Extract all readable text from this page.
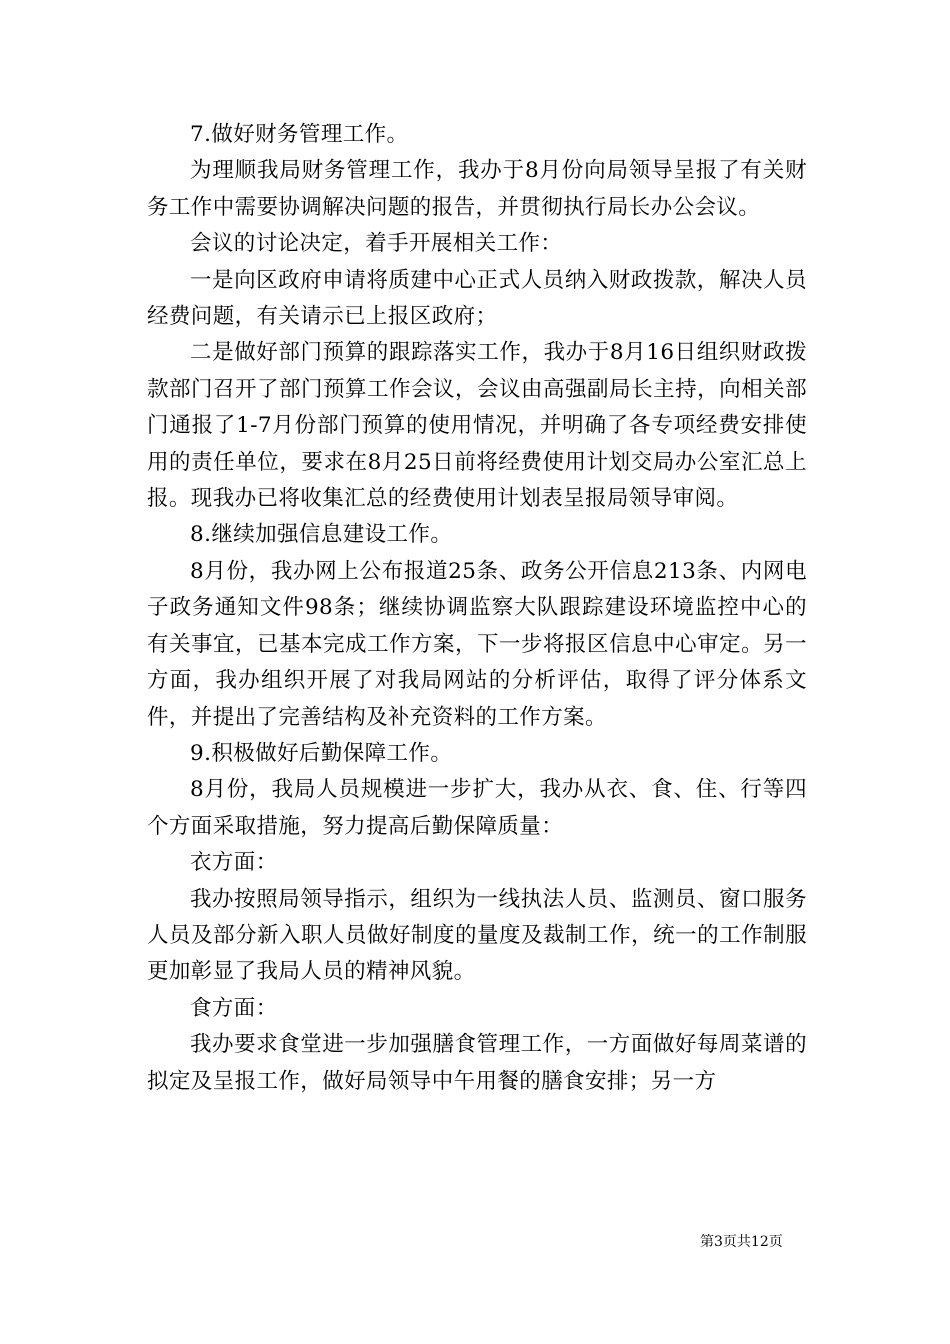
7.做好财务管理工作。

为理顺我局财务管理工作，我办于8月份向局领导呈报了有关财务工作中需要协调解决问题的报告，并贯彻执行局长办公会议。

会议的讨论决定，着手开展相关工作：

一是向区政府申请将质建中心正式人员纳入财政拨款，解决人员经费问题，有关请示已上报区政府；

二是做好部门预算的跟踪落实工作，我办于8月16日组织财政拨款部门召开了部门预算工作会议，会议由高强副局长主持，向相关部门通报了1-7月份部门预算的使用情况，并明确了各专项经费安排使用的责任单位，要求在8月25日前将经费使用计划交局办公室汇总上报。现我办已将收集汇总的经费使用计划表呈报局领导审阅。

8.继续加强信息建设工作。

8月份，我办网上公布报道25条、政务公开信息213条、内网电子政务通知文件98条；继续协调监察大队跟踪建设环境监控中心的有关事宜，已基本完成工作方案，下一步将报区信息中心审定。另一方面，我办组织开展了对我局网站的分析评估，取得了评分体系文件，并提出了完善结构及补充资料的工作方案。

9.积极做好后勤保障工作。

8月份，我局人员规模进一步扩大，我办从衣、食、住、行等四个方面采取措施，努力提高后勤保障质量：

衣方面：

我办按照局领导指示，组织为一线执法人员、监测员、窗口服务人员及部分新入职人员做好制度的量度及裁制工作，统一的工作制服更加彰显了我局人员的精神风貌。

食方面：

我办要求食堂进一步加强膳食管理工作，一方面做好每周菜谱的拟定及呈报工作，做好局领导中午用餐的膳食安排；另一方

第3页共12页
